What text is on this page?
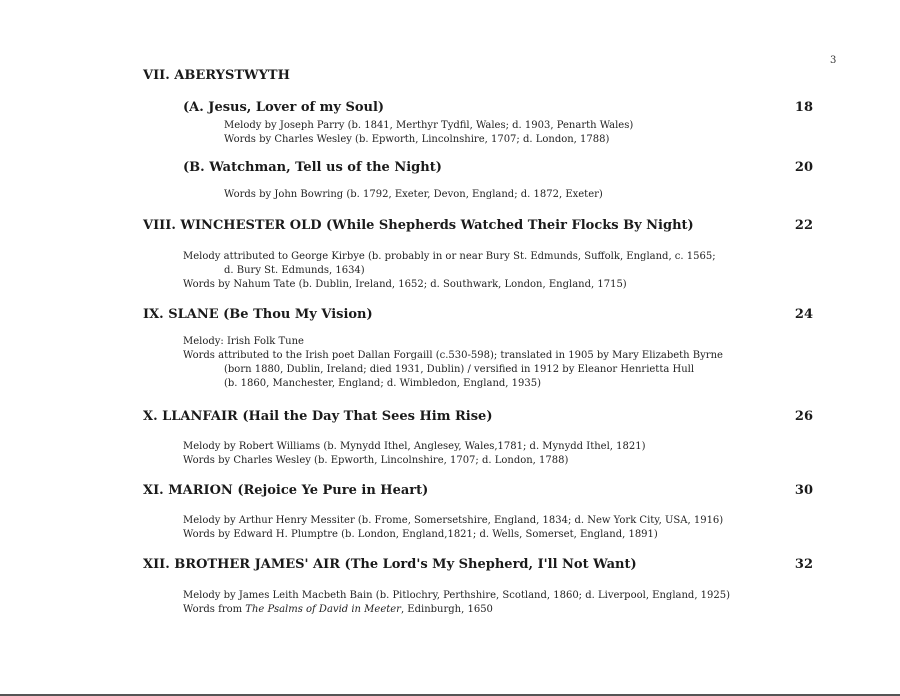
3
VII. ABERYSTWYTH
(A. Jesus, Lover of my Soul)	18
Melody by Joseph Parry (b. 1841, Merthyr Tydfil, Wales; d. 1903, Penarth Wales)
Words by Charles Wesley (b. Epworth, Lincolnshire, 1707; d. London, 1788)
(B. Watchman, Tell us of the Night)	20
Words by John Bowring (b. 1792, Exeter, Devon, England; d. 1872, Exeter)
VIII. WINCHESTER OLD (While Shepherds Watched Their Flocks By Night)	22
Melody attributed to George Kirbye (b. probably in or near Bury St. Edmunds, Suffolk, England, c. 1565;
d. Bury St. Edmunds, 1634)
Words by Nahum Tate (b. Dublin, Ireland, 1652; d. Southwark, London, England, 1715)
IX. SLANE (Be Thou My Vision)	24
Melody: Irish Folk Tune
Words attributed to the Irish poet Dallan Forgaill (c.530-598); translated in 1905 by Mary Elizabeth Byrne
(born 1880, Dublin, Ireland; died 1931, Dublin) / versified in 1912 by Eleanor Henrietta Hull
(b. 1860, Manchester, England; d. Wimbledon, England, 1935)
X. LLANFAIR (Hail the Day That Sees Him Rise)	26
Melody by Robert Williams (b. Mynydd Ithel, Anglesey, Wales,1781; d. Mynydd Ithel, 1821)
Words by Charles Wesley (b. Epworth, Lincolnshire, 1707; d. London, 1788)
XI. MARION (Rejoice Ye Pure in Heart)	30
Melody by Arthur Henry Messiter (b. Frome, Somersetshire, England, 1834; d. New York City, USA, 1916)
Words by Edward H. Plumptre (b. London, England,1821; d. Wells, Somerset, England, 1891)
XII. BROTHER JAMES' AIR (The Lord's My Shepherd, I'll Not Want)	32
Melody by James Leith Macbeth Bain (b. Pitlochry, Perthshire, Scotland, 1860; d. Liverpool, England, 1925)
Words from The Psalms of David in Meeter, Edinburgh, 1650
